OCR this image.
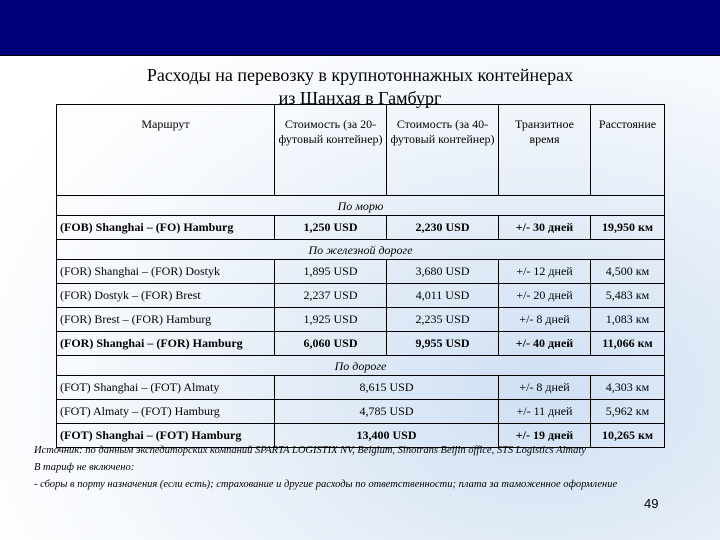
Расходы на перевозку в крупнотоннажных контейнерах
из Шанхая в Гамбург
Маршрут	Стоимость (за 20-футовый контейнер)	Стоимость (за 40-футовый контейнер)	Транзитное время	Расстояние
По морю				
(FOB) Shanghai – (FO) Hamburg	1,250 USD	2,230 USD	+/- 30 дней	19,950 км
По железной дороге				
(FOR) Shanghai – (FOR) Dostyk	1,895 USD	3,680 USD	+/- 12 дней	4,500 км
(FOR) Dostyk – (FOR) Brest	2,237 USD	4,011 USD	+/- 20 дней	5,483 км
(FOR) Brest – (FOR) Hamburg	1,925 USD	2,235 USD	+/- 8 дней	1,083 км
(FOR) Shanghai – (FOR) Hamburg	6,060 USD	9,955 USD	+/- 40 дней	11,066 км
По дороге				
(FOT) Shanghai – (FOT) Almaty	8,615 USD		+/- 8 дней	4,303 км
(FOT) Almaty – (FOT) Hamburg	4,785 USD		+/- 11 дней	5,962 км
(FOT) Shanghai – (FOT) Hamburg	13,400 USD		+/- 19 дней	10,265 км
Источник: по данным экспедиторских компаний SPARTA LOGISTIX NV, Belgium, Sinotrans Beijin office, STS Logistics Almaty
В тариф не включено:
- сборы в порту назначения (если есть); страхование и другие расходы по ответственности; плата за таможенное оформление
49
